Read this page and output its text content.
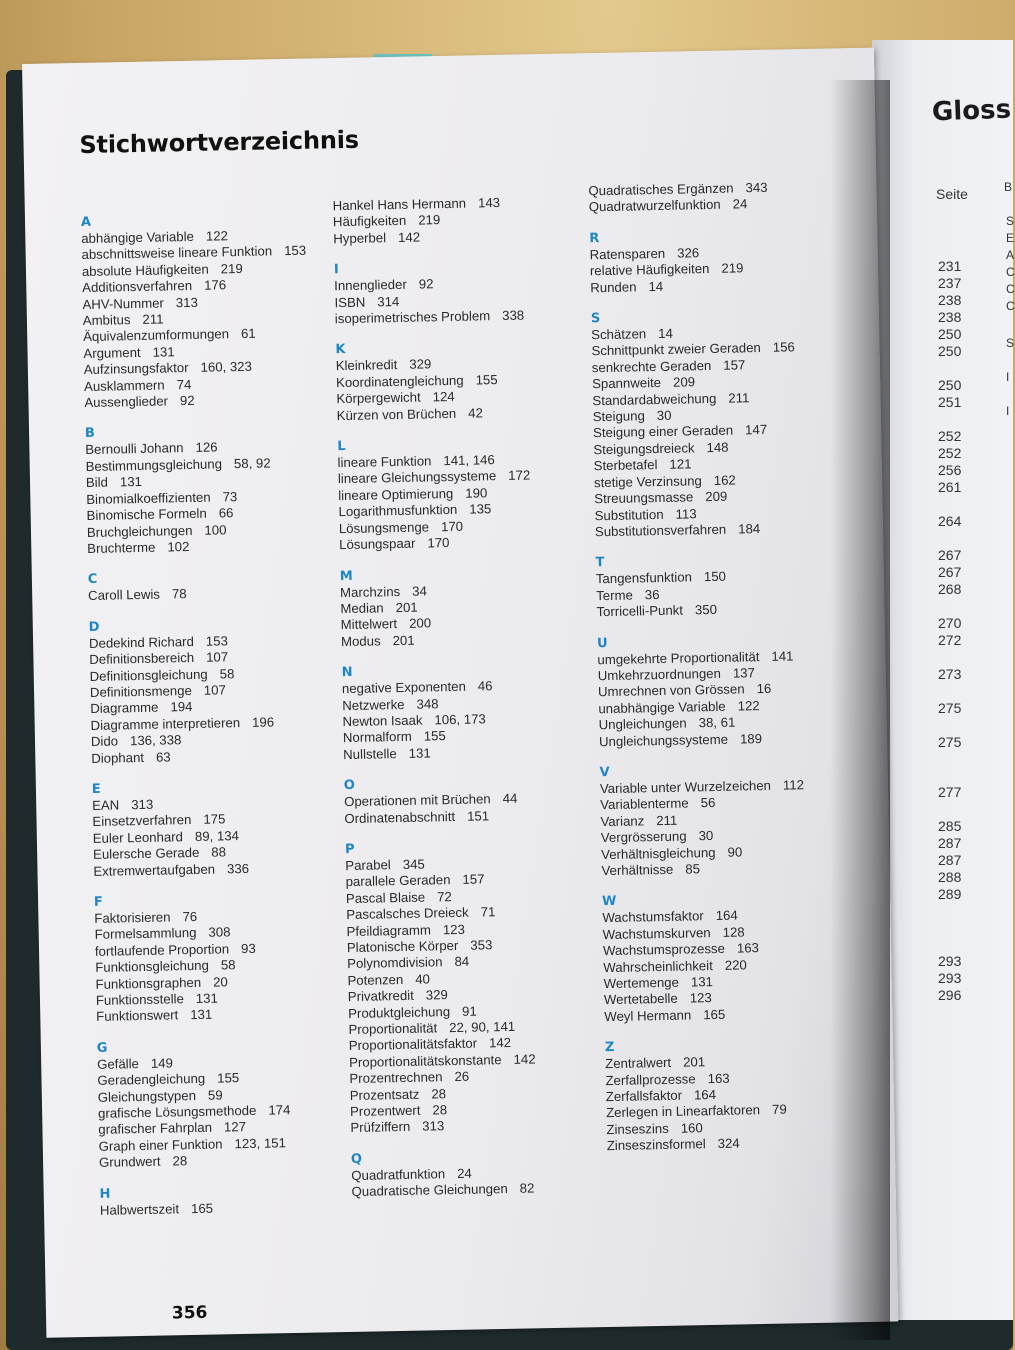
Gloss
Seite	B
231
237
238
238
250
250
250
251
252
252
256
261
264
267
267
268
270
272
273
275
275
277
285
287
287
288
289
293
293
296
S
E
A
C
C
C
S
I
I
Stichwortverzeichnis
A
abhängige Variable 122
abschnittsweise lineare Funktion 153
absolute Häufigkeiten 219
Additionsverfahren 176
AHV-Nummer 313
Ambitus 211
Äquivalenzumformungen 61
Argument 131
Aufzinsungsfaktor 160, 323
Ausklammern 74
Aussenglieder 92
B
Bernoulli Johann 126
Bestimmungsgleichung 58, 92
Bild 131
Binomialkoeffizienten 73
Binomische Formeln 66
Bruchgleichungen 100
Bruchterme 102
C
Caroll Lewis 78
D
Dedekind Richard 153
Definitionsbereich 107
Definitionsgleichung 58
Definitionsmenge 107
Diagramme 194
Diagramme interpretieren 196
Dido 136, 338
Diophant 63
E
EAN 313
Einsetzverfahren 175
Euler Leonhard 89, 134
Eulersche Gerade 88
Extremwertaufgaben 336
F
Faktorisieren 76
Formelsammlung 308
fortlaufende Proportion 93
Funktionsgleichung 58
Funktionsgraphen 20
Funktionsstelle 131
Funktionswert 131
G
Gefälle 149
Geradengleichung 155
Gleichungstypen 59
grafische Lösungsmethode 174
grafischer Fahrplan 127
Graph einer Funktion 123, 151
Grundwert 28
H
Halbwertszeit 165
Hankel Hans Hermann 143
Häufigkeiten 219
Hyperbel 142
I
Innenglieder 92
ISBN 314
isoperimetrisches Problem 338
K
Kleinkredit 329
Koordinatengleichung 155
Körpergewicht 124
Kürzen von Brüchen 42
L
lineare Funktion 141, 146
lineare Gleichungssysteme 172
lineare Optimierung 190
Logarithmusfunktion 135
Lösungsmenge 170
Lösungspaar 170
M
Marchzins 34
Median 201
Mittelwert 200
Modus 201
N
negative Exponenten 46
Netzwerke 348
Newton Isaak 106, 173
Normalform 155
Nullstelle 131
O
Operationen mit Brüchen 44
Ordinatenabschnitt 151
P
Parabel 345
parallele Geraden 157
Pascal Blaise 72
Pascalsches Dreieck 71
Pfeildiagramm 123
Platonische Körper 353
Polynomdivision 84
Potenzen 40
Privatkredit 329
Produktgleichung 91
Proportionalität 22, 90, 141
Proportionalitätsfaktor 142
Proportionalitätskonstante 142
Prozentrechnen 26
Prozentsatz 28
Prozentwert 28
Prüfziffern 313
Q
Quadratfunktion 24
Quadratische Gleichungen 82
Quadratisches Ergänzen 343
Quadratwurzelfunktion 24
R
Ratensparen 326
relative Häufigkeiten 219
Runden 14
S
Schätzen 14
Schnittpunkt zweier Geraden 156
senkrechte Geraden 157
Spannweite 209
Standardabweichung 211
Steigung 30
Steigung einer Geraden 147
Steigungsdreieck 148
Sterbetafel 121
stetige Verzinsung 162
Streuungsmasse 209
Substitution 113
Substitutionsverfahren 184
T
Tangensfunktion 150
Terme 36
Torricelli-Punkt 350
U
umgekehrte Proportionalität 141
Umkehrzuordnungen 137
Umrechnen von Grössen 16
unabhängige Variable 122
Ungleichungen 38, 61
Ungleichungssysteme 189
V
Variable unter Wurzelzeichen 112
Variablenterme 56
Varianz 211
Vergrösserung 30
Verhältnisgleichung 90
Verhältnisse 85
W
Wachstumsfaktor 164
Wachstumskurven 128
Wachstumsprozesse 163
Wahrscheinlichkeit 220
Wertemenge 131
Wertetabelle 123
Weyl Hermann 165
Z
Zentralwert 201
Zerfallprozesse 163
Zerfallsfaktor 164
Zerlegen in Linearfaktoren 79
Zinseszins 160
Zinseszinsformel 324
356
